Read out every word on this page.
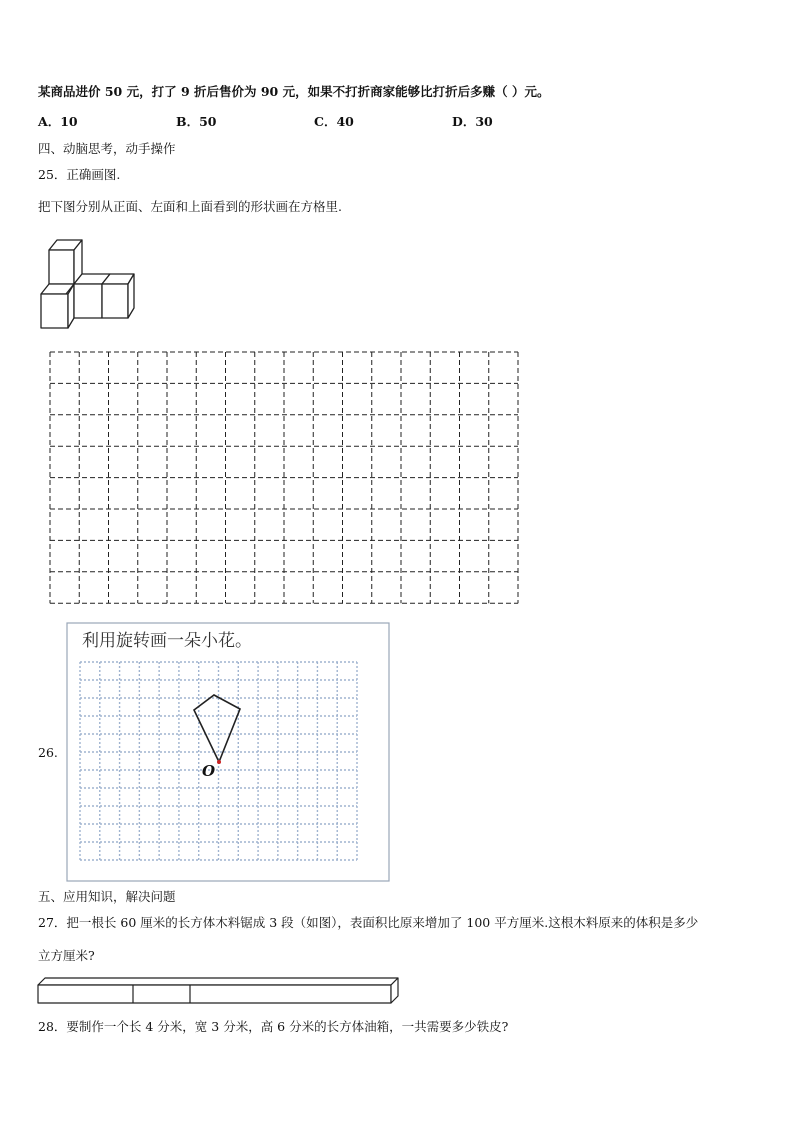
某商品进价 50 元，打了 9 折后售价为 90 元，如果不打折商家能够比打折后多赚（ ）元。
A．10	B．50	C．40	D．30
四、动脑思考，动手操作
25．正确画图.
把下图分别从正面、左面和上面看到的形状画在方格里.
26.
利用旋转画一朵小花。
O
五、应用知识，解决问题
27．把一根长 60 厘米的长方体木料锯成 3 段（如图），表面积比原来增加了 100 平方厘米.这根木料原来的体积是多少
立方厘米?
28．要制作一个长 4 分米，宽 3 分米，高 6 分米的长方体油箱，一共需要多少铁皮?
